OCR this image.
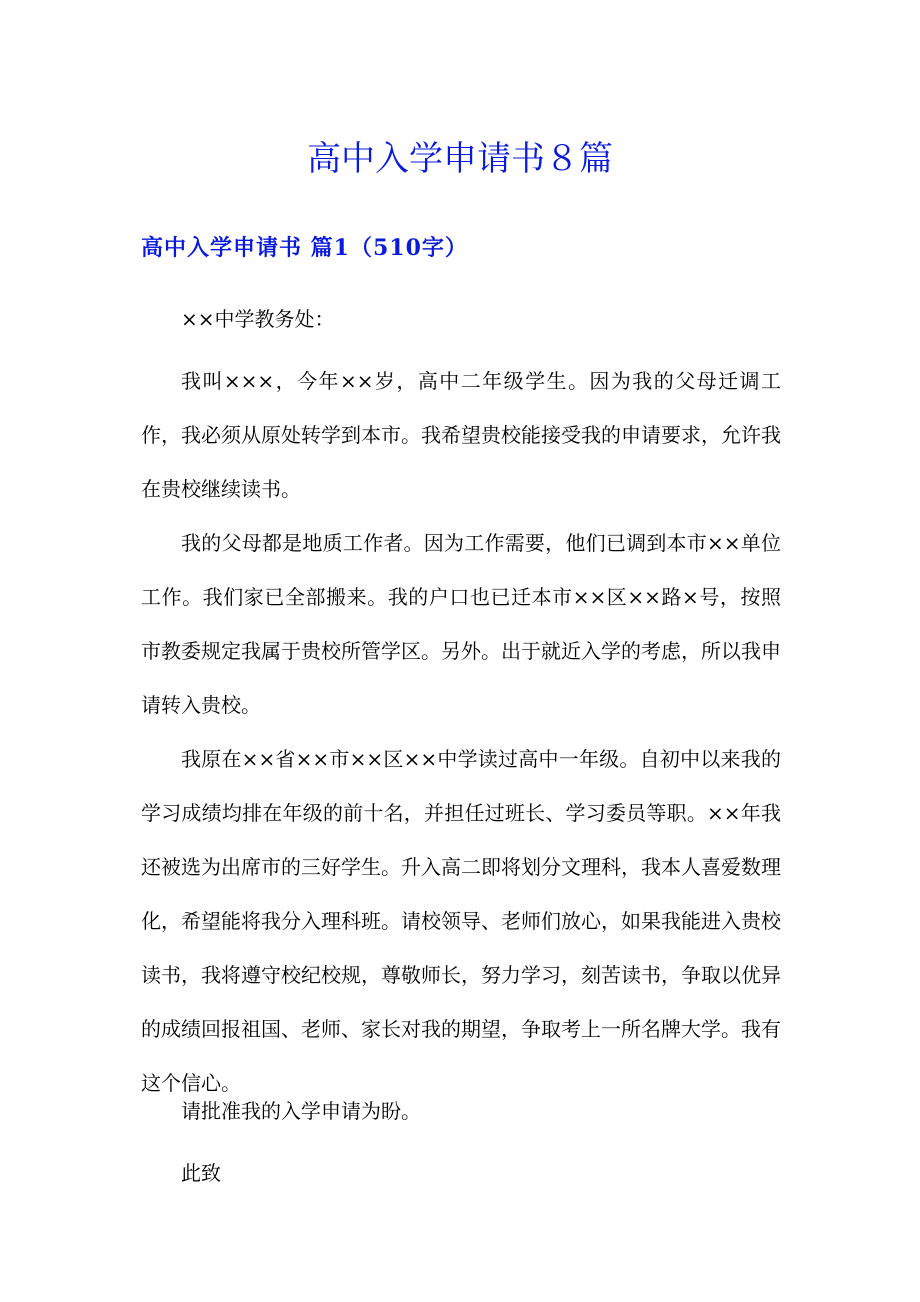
高中入学申请书８篇
高中入学申请书 篇1（510字）

××中学教务处：

我叫×××，今年××岁，高中二年级学生。因为我的父母迁调工作，我必须从原处转学到本市。我希望贵校能接受我的申请要求，允许我在贵校继续读书。

我的父母都是地质工作者。因为工作需要，他们已调到本市××单位工作。我们家已全部搬来。我的户口也已迁本市××区××路×号，按照市教委规定我属于贵校所管学区。另外。出于就近入学的考虑，所以我申请转入贵校。

我原在××省××市××区××中学读过高中一年级。自初中以来我的学习成绩均排在年级的前十名，并担任过班长、学习委员等职。××年我还被选为出席市的三好学生。升入高二即将划分文理科，我本人喜爱数理化，希望能将我分入理科班。请校领导、老师们放心，如果我能进入贵校读书，我将遵守校纪校规，尊敬师长，努力学习，刻苦读书，争取以优异的成绩回报祖国、老师、家长对我的期望，争取考上一所名牌大学。我有这个信心。

请批准我的入学申请为盼。

此致
